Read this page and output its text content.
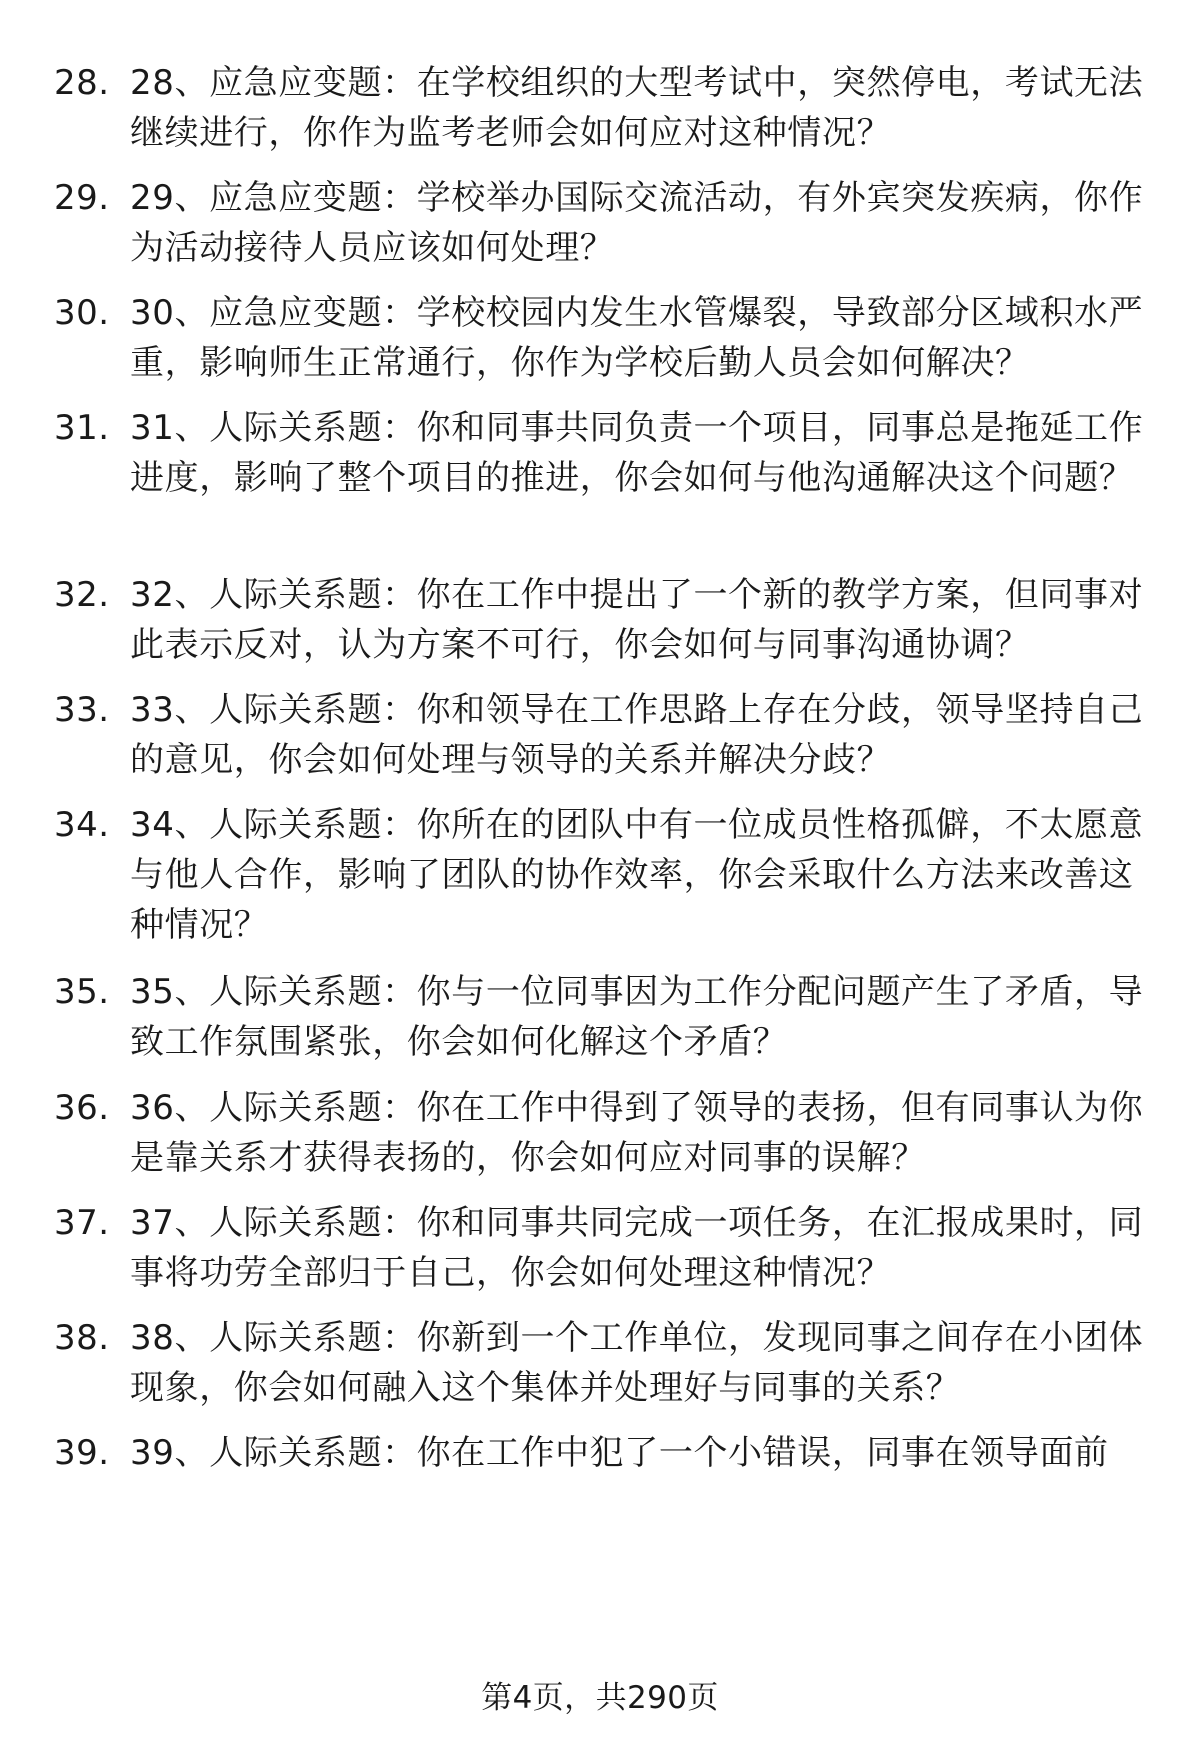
​
28. 28、应急应变题：在学校组织的大型考试中，突然停电，考试无法继续进行，你作为监考老师会如何应对这种情况？
29. 29、应急应变题：学校举办国际交流活动，有外宾突发疾病，你作为活动接待人员应该如何处理？
30. 30、应急应变题：学校校园内发生水管爆裂，导致部分区域积水严重，影响师生正常通行，你作为学校后勤人员会如何解决？
31. 31、人际关系题：你和同事共同负责一个项目，同事总是拖延工作进度，影响了整个项目的推进，你会如何与他沟通解决这个问题？
32. 32、人际关系题：你在工作中提出了一个新的教学方案，但同事对此表示反对，认为方案不可行，你会如何与同事沟通协调？
33. 33、人际关系题：你和领导在工作思路上存在分歧，领导坚持自己的意见，你会如何处理与领导的关系并解决分歧？
34. 34、人际关系题：你所在的团队中有一位成员性格孤僻，不太愿意与他人合作，影响了团队的协作效率，你会采取什么方法来改善这种情况？
35. 35、人际关系题：你与一位同事因为工作分配问题产生了矛盾，导致工作氛围紧张，你会如何化解这个矛盾？
36. 36、人际关系题：你在工作中得到了领导的表扬，但有同事认为你是靠关系才获得表扬的，你会如何应对同事的误解？
37. 37、人际关系题：你和同事共同完成一项任务，在汇报成果时，同事将功劳全部归于自己，你会如何处理这种情况？
38. 38、人际关系题：你新到一个工作单位，发现同事之间存在小团体现象，你会如何融入这个集体并处理好与同事的关系？
39. 39、人际关系题：你在工作中犯了一个小错误，同事在领导面前
第4页，共290页
